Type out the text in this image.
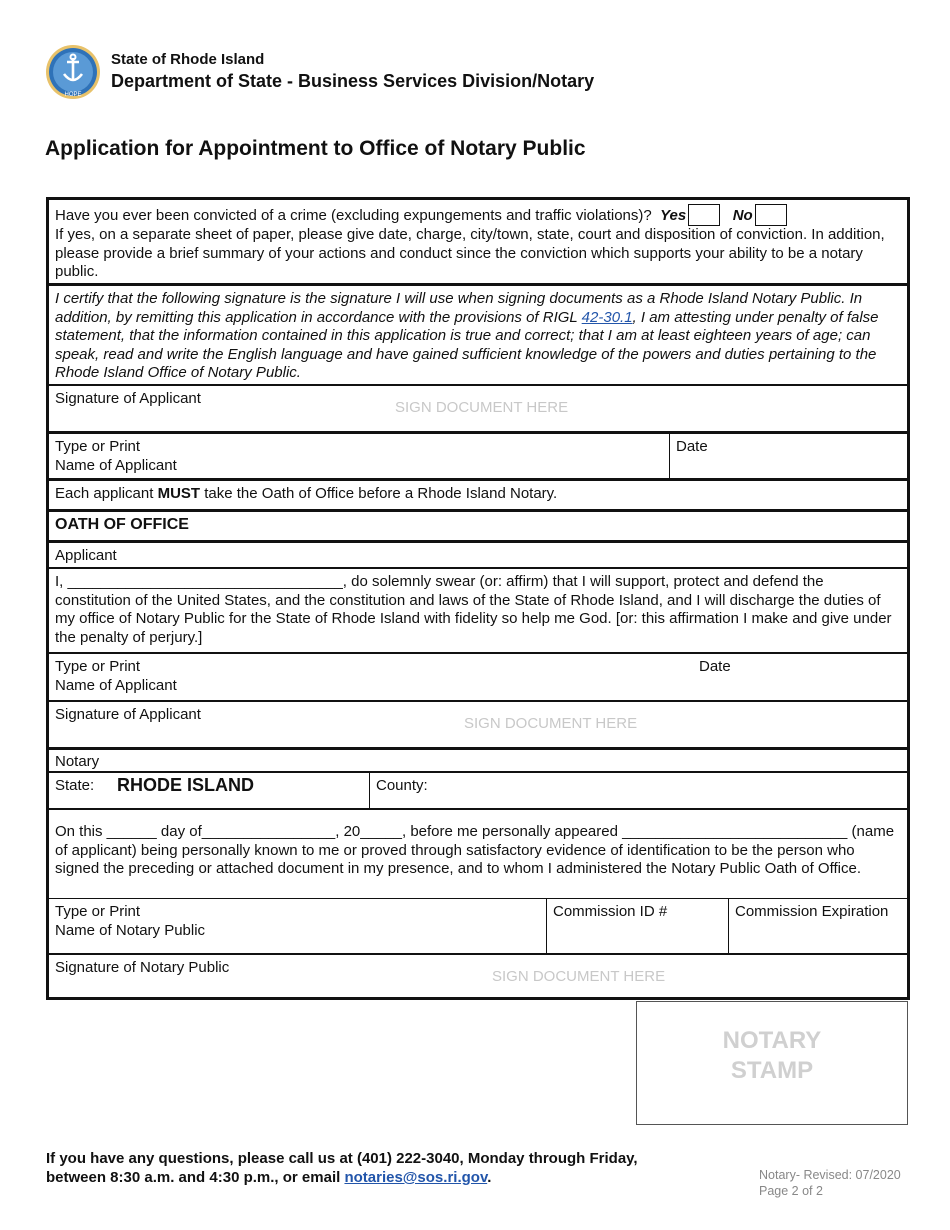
HOPE
State of Rhode Island
Department of State - Business Services Division/Notary
Application for Appointment to Office of Notary Public
Have you ever been convicted of a crime (excluding expungements and traffic violations)? Yes	No
If yes, on a separate sheet of paper, please give date, charge, city/town, state, court and disposition of conviction. In addition, please provide a brief summary of your actions and conduct since the conviction which supports your ability to be a notary public.
I certify that the following signature is the signature I will use when signing documents as a Rhode Island Notary Public. In addition, by remitting this application in accordance with the provisions of RIGL 42-30.1, I am attesting under penalty of false statement, that the information contained in this application is true and correct; that I am at least eighteen years of age; can speak, read and write the English language and have gained sufficient knowledge of the powers and duties pertaining to the Rhode Island Office of Notary Public.
Signature of Applicant
SIGN DOCUMENT HERE
Type or Print
Name of Applicant
Date
Each applicant MUST take the Oath of Office before a Rhode Island Notary.
OATH OF OFFICE
Applicant
I, _________________________________, do solemnly swear (or: affirm) that I will support, protect and defend the constitution of the United States, and the constitution and laws of the State of Rhode Island, and I will discharge the duties of my office of Notary Public for the State of Rhode Island with fidelity so help me God. [or: this affirmation I make and give under the penalty of perjury.]
Type or Print
Name of Applicant
Date
Signature of Applicant
SIGN DOCUMENT HERE
Notary
State: RHODE ISLAND	County:
On this ______ day of________________, 20_____, before me personally appeared ___________________________ (name of applicant) being personally known to me or proved through satisfactory evidence of identification to be the person who signed the preceding or attached document in my presence, and to whom I administered the Notary Public Oath of Office.
Type or Print
Name of Notary Public
Commission ID #	Commission Expiration
Signature of Notary Public
SIGN DOCUMENT HERE
NOTARY
STAMP
If you have any questions, please call us at (401) 222-3040, Monday through Friday,
between 8:30 a.m. and 4:30 p.m., or email notaries@sos.ri.gov.	Notary- Revised: 07/2020
Page 2 of 2
